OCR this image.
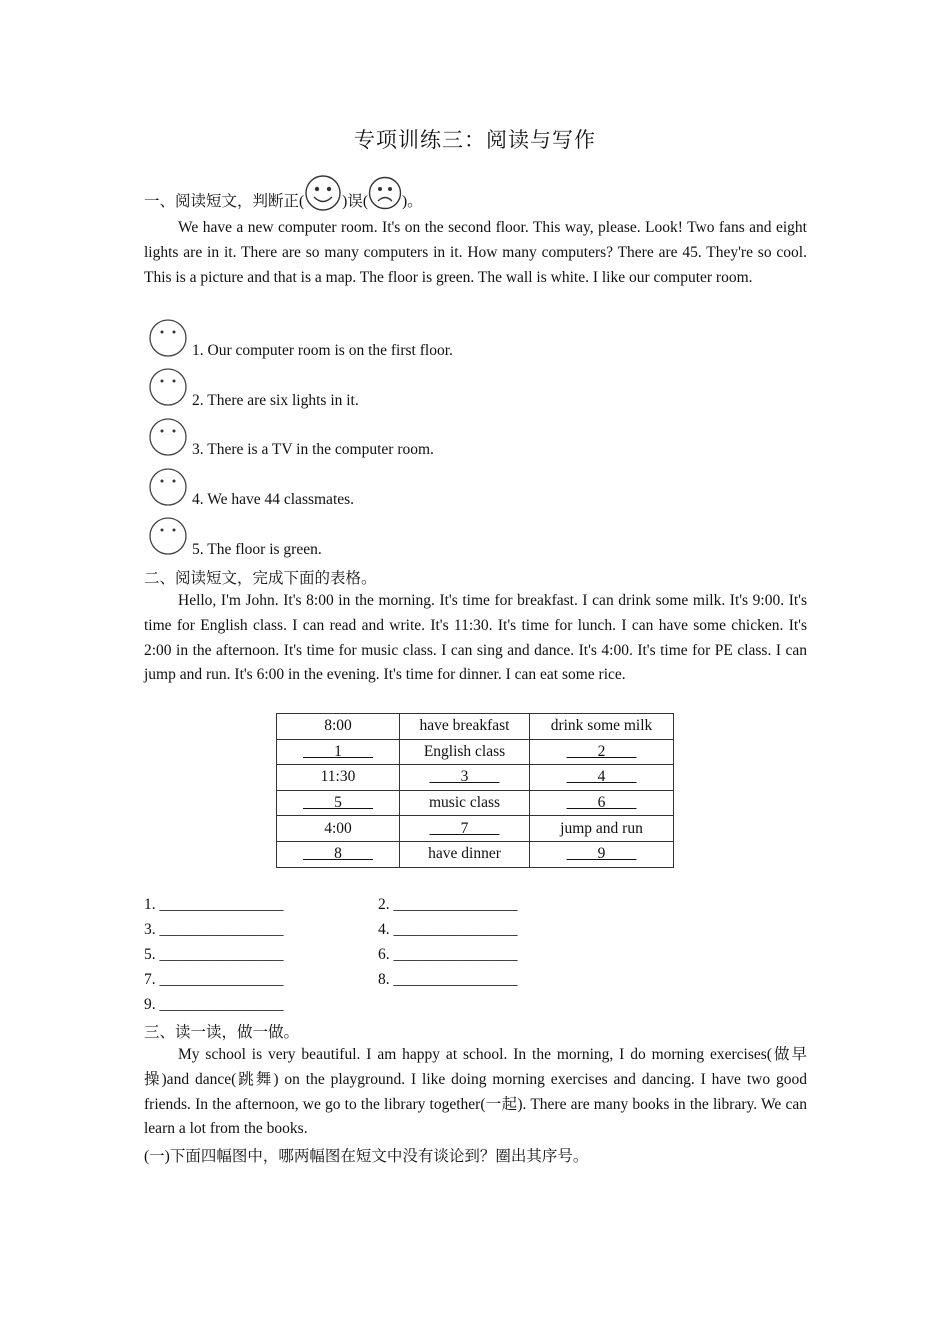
专项训练三：阅读与写作
一、阅读短文，判断正( )误( )。
We have a new computer room. It's on the second floor. This way, please. Look! Two fans and eight lights are in it. There are so many computers in it. How many computers? There are 45. They're so cool. This is a picture and that is a map. The floor is green. The wall is white. I like our computer room.
1. Our computer room is on the first floor.
2. There are six lights in it.
3. There is a TV in the computer room.
4. We have 44 classmates.
5. The floor is green.
二、阅读短文，完成下面的表格。
Hello, I'm John. It's 8:00 in the morning. It's time for breakfast. I can drink some milk. It's 9:00. It's time for English class. I can read and write. It's 11:30. It's time for lunch. I can have some chicken. It's 2:00 in the afternoon. It's time for music class. I can sing and dance. It's 4:00. It's time for PE class. I can jump and run. It's 6:00 in the evening. It's time for dinner. I can eat some rice.
8:00	have breakfast	drink some milk
____1____	English class	____2____
11:30	____3____	____4____
____5____	music class	____6____
4:00	____7____	jump and run
____8____	have dinner	____9____
1. ________________	2. ________________
3. ________________	4. ________________
5. ________________	6. ________________
7. ________________	8. ________________
9. ________________
三、读一读，做一做。
My school is very beautiful. I am happy at school. In the morning, I do morning exercises(做早操)and dance(跳舞) on the playground. I like doing morning exercises and dancing. I have two good friends. In the afternoon, we go to the library together(一起). There are many books in the library. We can learn a lot from the books.
(一)下面四幅图中，哪两幅图在短文中没有谈论到？圈出其序号。
